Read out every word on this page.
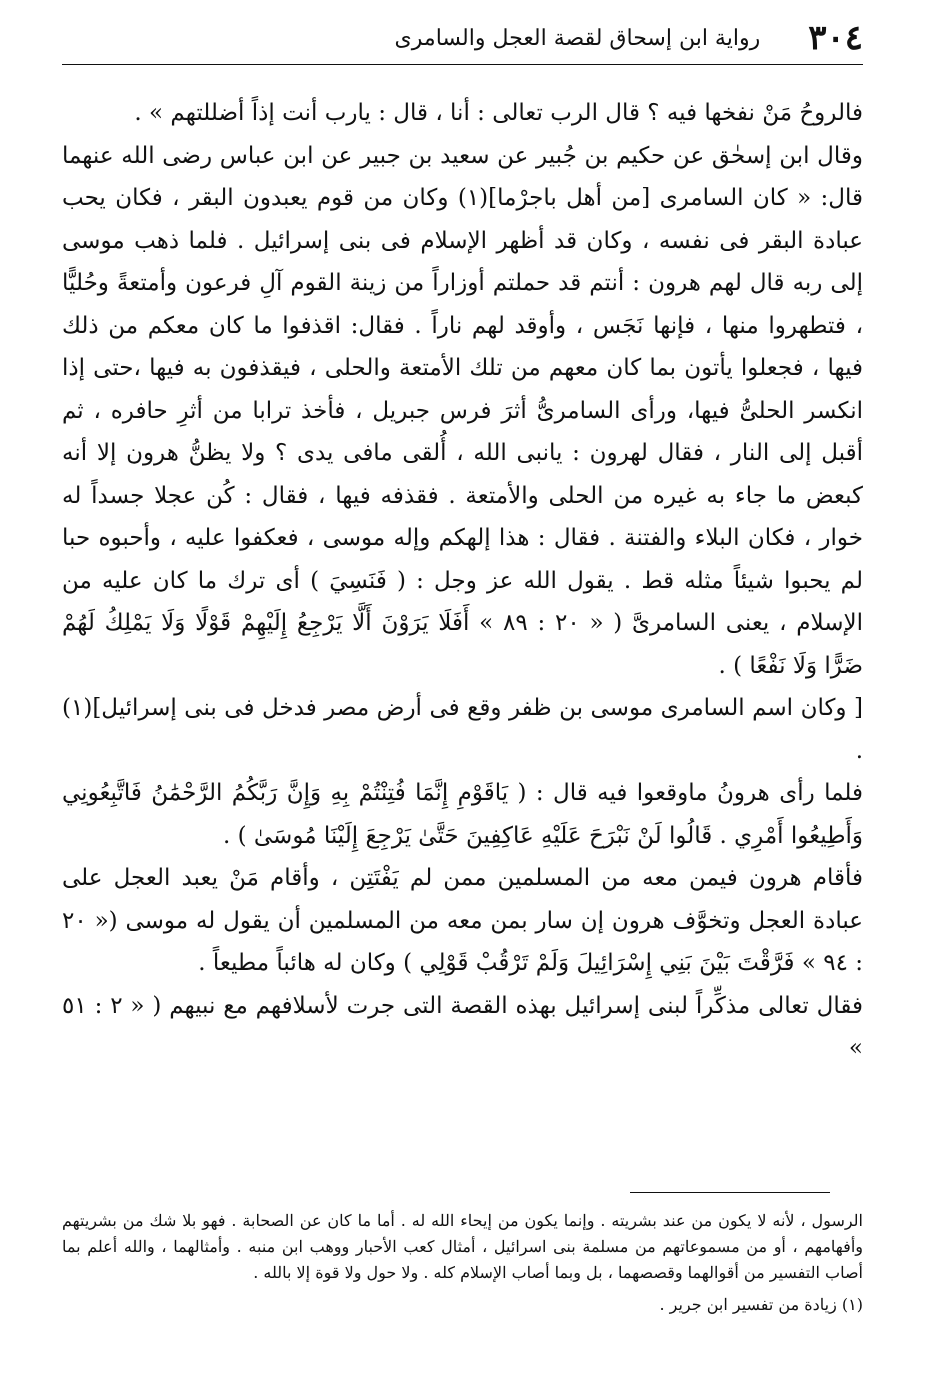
٣٠٤
رواية ابن إسحاق لقصة العجل والسامرى

فالروحُ مَنْ نفخها فيه ؟ قال الرب تعالى : أنا ، قال : يارب أنت إذاً أضللتهم » .

وقال ابن إسحٰق عن حكيم بن جُبير عن سعيد بن جبير عن ابن عباس رضى الله عنهما قال: « كان السامرى [من أهل باجرْما](١) وكان من قوم يعبدون البقر ، فكان يحب عبادة البقر فى نفسه ، وكان قد أظهر الإسلام فى بنى إسرائيل . فلما ذهب موسى إلى ربه قال لهم هرون : أنتم قد حملتم أوزاراً من زينة القوم آلِ فرعون وأمتعةً وحُليًّا ، فتطهروا منها ، فإنها نَجَس ، وأوقد لهم ناراً . فقال: اقذفوا ما كان معكم من ذلك فيها ، فجعلوا يأتون بما كان معهم من تلك الأمتعة والحلى ، فيقذفون به فيها ،حتى إذا انكسر الحلىُّ فيها، ورأى السامرىُّ أثرَ فرس جبريل ، فأخذ ترابا من أثرِ حافره ، ثم أقبل إلى النار ، فقال لهرون : يانبى الله ، أُلقى مافى يدى ؟ ولا يظنُّ هرون إلا أنه كبعض ما جاء به غيره من الحلى والأمتعة . فقذفه فيها ، فقال : كُن عجلا جسداً له خوار ، فكان البلاء والفتنة . فقال : هذا إلهكم وإله موسى ، فعكفوا عليه ، وأحبوه حبا لم يحبوا شيئاً مثله قط . يقول الله عز وجل : ( فَنَسِيَ ) أى ترك ما كان عليه من الإسلام ، يعنى السامرىَّ ( « ٢٠ : ٨٩ » أَفَلَا يَرَوْنَ أَلَّا يَرْجِعُ إِلَيْهِمْ قَوْلًا وَلَا يَمْلِكُ لَهُمْ ضَرًّا وَلَا نَفْعًا ) .

[ وكان اسم السامرى موسى بن ظفر وقع فى أرض مصر فدخل فى بنى إسرائيل](١) .

فلما رأى هرونُ ماوقعوا فيه قال : ( يَاقَوْمِ إِنَّمَا فُتِنْتُمْ بِهِ وَإِنَّ رَبَّكُمُ الرَّحْمَٰنُ فَاتَّبِعُونِي وَأَطِيعُوا أَمْرِي . قَالُوا لَنْ نَبْرَحَ عَلَيْهِ عَاكِفِينَ حَتَّىٰ يَرْجِعَ إِلَيْنَا مُوسَىٰ ) .

فأقام هرون فيمن معه من المسلمين ممن لم يَفْتَتِن ، وأقام مَنْ يعبد العجل على عبادة العجل وتخوَّف هرون إن سار بمن معه من المسلمين أن يقول له موسى (« ٢٠ : ٩٤ » فَرَّقْتَ بَيْنَ بَنِي إِسْرَائِيلَ وَلَمْ تَرْقُبْ قَوْلِي ) وكان له هائباً مطيعاً .

فقال تعالى مذكِّراً لبنى إسرائيل بهذه القصة التى جرت لأسلافهم مع نبيهم ( « ٢ : ٥١ »

الرسول ، لأنه لا يكون من عند بشريته . وإنما يكون من إيحاء الله له . أما ما كان عن الصحابة . فهو بلا شك من بشريتهم وأفهامهم ، أو من مسموعاتهم من مسلمة بنى اسرائيل ، أمثال كعب الأحبار ووهب ابن منبه . وأمثالهما ، والله أعلم بما أصاب التفسير من أقوالهما وقصصهما ، بل وبما أصاب الإسلام كله . ولا حول ولا قوة إلا بالله .

(١) زيادة من تفسير ابن جرير .
